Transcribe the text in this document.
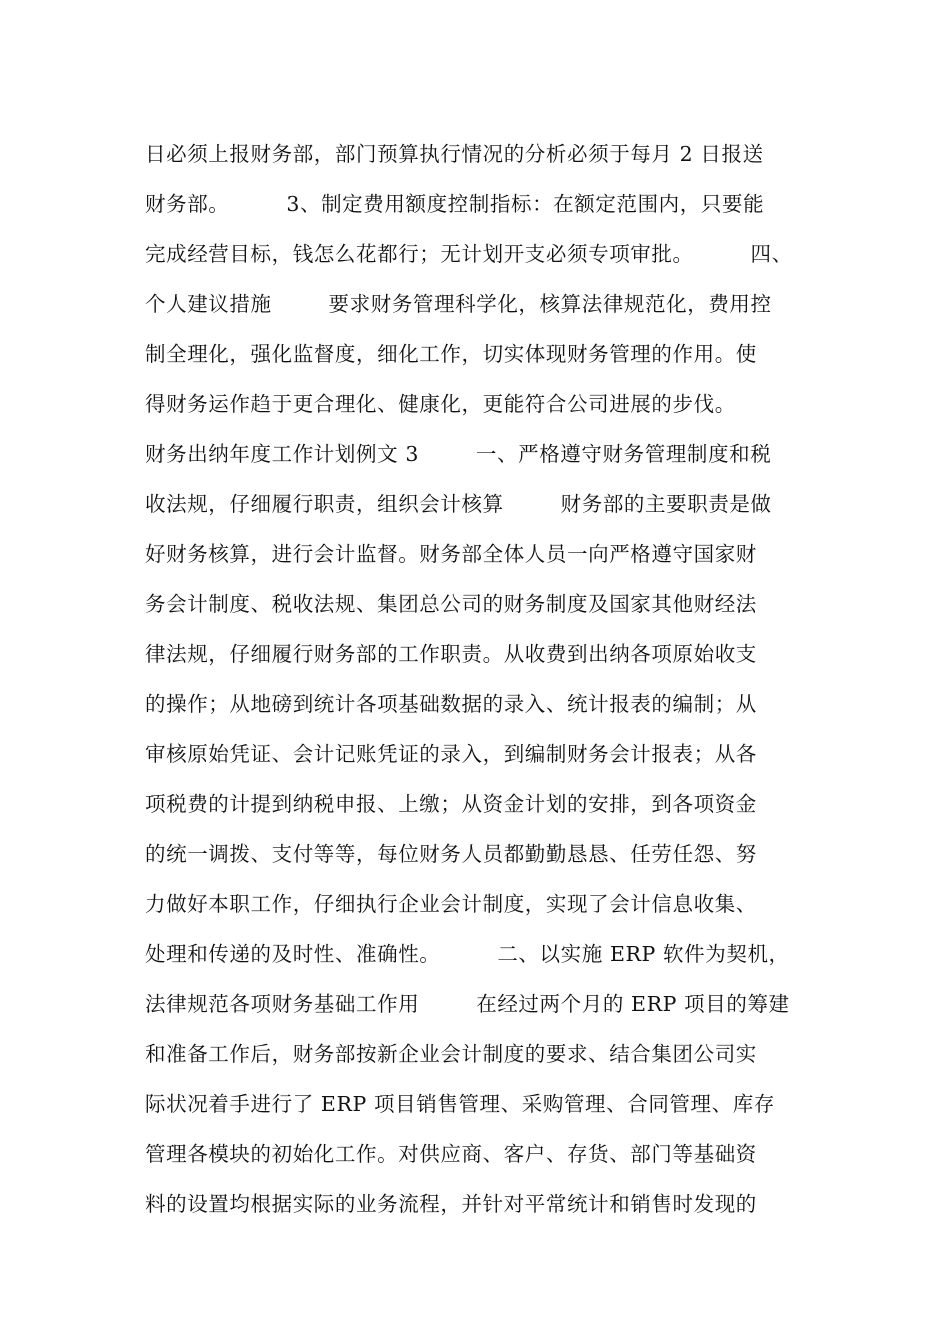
日必须上报财务部，部门预算执行情况的分析必须于每月 2 日报送
财务部。        3、制定费用额度控制指标：在额定范围内，只要能
完成经营目标，钱怎么花都行；无计划开支必须专项审批。        四、
个人建议措施        要求财务管理科学化，核算法律规范化，费用控
制全理化，强化监督度，细化工作，切实体现财务管理的作用。使
得财务运作趋于更合理化、健康化，更能符合公司进展的步伐。
财务出纳年度工作计划例文 3        一、严格遵守财务管理制度和税
收法规，仔细履行职责，组织会计核算        财务部的主要职责是做
好财务核算，进行会计监督。财务部全体人员一向严格遵守国家财
务会计制度、税收法规、集团总公司的财务制度及国家其他财经法
律法规，仔细履行财务部的工作职责。从收费到出纳各项原始收支
的操作；从地磅到统计各项基础数据的录入、统计报表的编制；从
审核原始凭证、会计记账凭证的录入，到编制财务会计报表；从各
项税费的计提到纳税申报、上缴；从资金计划的安排，到各项资金
的统一调拨、支付等等，每位财务人员都勤勤恳恳、任劳任怨、努
力做好本职工作，仔细执行企业会计制度，实现了会计信息收集、
处理和传递的及时性、准确性。        二、以实施 ERP 软件为契机，
法律规范各项财务基础工作用        在经过两个月的 ERP 项目的筹建
和准备工作后，财务部按新企业会计制度的要求、结合集团公司实
际状况着手进行了 ERP 项目销售管理、采购管理、合同管理、库存
管理各模块的初始化工作。对供应商、客户、存货、部门等基础资
料的设置均根据实际的业务流程，并针对平常统计和销售时发现的
